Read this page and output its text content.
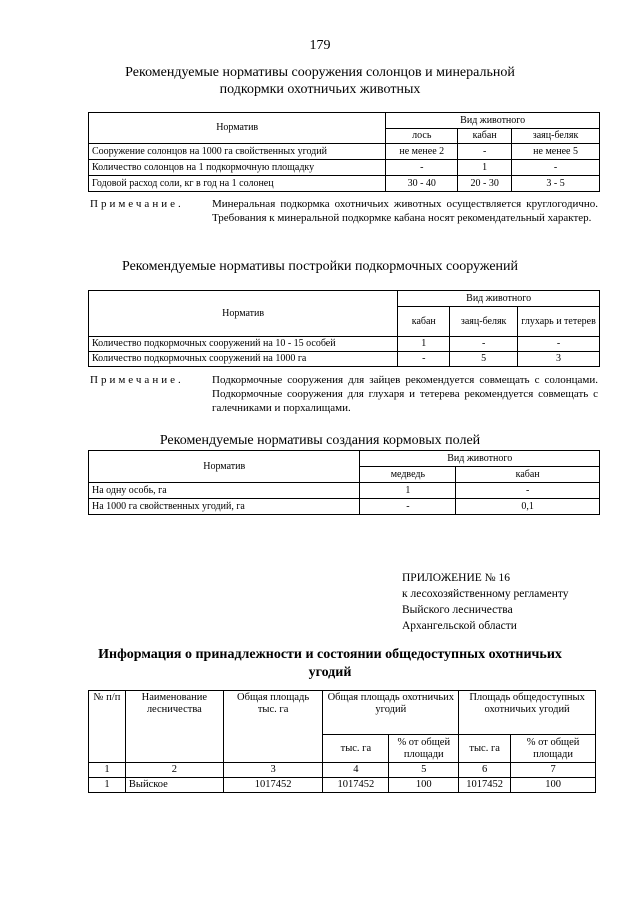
179
Рекомендуемые нормативы сооружения солонцов и минеральной
подкормки охотничьих животных
Норматив	Вид животного		
	лось	кабан	заяц-беляк
Сооружение солонцов на 1000 га свойственных угодий	не менее 2	-	не менее 5
Количество солонцов на 1 подкормочную площадку	-	1	-
Годовой расход соли, кг в год на 1 солонец	30 - 40	20 - 30	3 - 5
Примечание.	Минеральная подкормка охотничьих животных осуществляется круглогодично. Требования к минеральной подкормке кабана носят рекомендательный характер.
Рекомендуемые нормативы постройки подкормочных сооружений
Норматив	Вид животного		
	кабан	заяц-беляк	глухарь и тетерев
Количество подкормочных сооружений на 10 - 15 особей	1	-	-
Количество подкормочных сооружений на 1000 га	-	5	3
Примечание.	Подкормочные сооружения для зайцев рекомендуется совмещать с солонцами. Подкормочные сооружения для глухаря и тетерева рекомендуется совмещать с галечниками и порхалищами.
Рекомендуемые нормативы создания кормовых полей
Норматив	Вид животного	
	медведь	кабан
На одну особь, га	1	-
На 1000 га свойственных угодий, га	-	0,1
ПРИЛОЖЕНИЕ № 16
к лесохозяйственному регламенту
Выйского лесничества
Архангельской области
Информация о принадлежности и состоянии общедоступных охотничьих
угодий
№ п/п	Наименование лесничества	Общая площадь тыс. га	Общая площадь охотничьих угодий		Площадь общедоступных охотничьих угодий	
			тыс. га	% от общей площади	тыс. га	% от общей площади
1	2	3	4	5	6	7
1	Выйское	1017452	1017452	100	1017452	100
